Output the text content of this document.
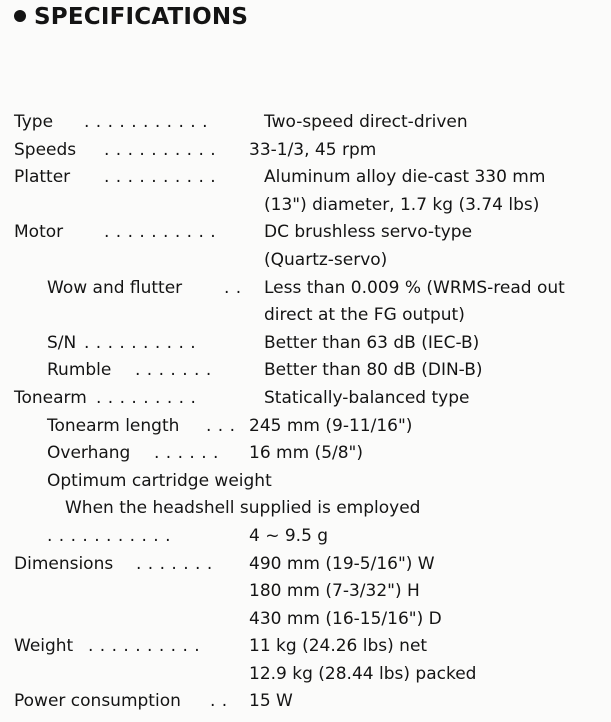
SPECIFICATIONS
Type . . . . . . . . . . .	Two-speed direct-driven
Speeds . . . . . . . . . . 33-1/3, 45 rpm
Platter . . . . . . . . . .	Aluminum alloy die-cast 330 mm
(13") diameter, 1.7 kg (3.74 lbs)
Motor . . . . . . . . . .	DC brushless servo-type
(Quartz-servo)
Wow and flutter . . Less than 0.009 % (WRMS-read out
direct at the FG output)
S/N . . . . . . . . . .	Better than 63 dB (IEC-B)
Rumble . . . . . . .	Better than 80 dB (DIN-B)
Tonearm . . . . . . . . .	Statically-balanced type
Tonearm length . . . 245 mm (9-11/16")
Overhang . . . . . . 16 mm (5/8")
Optimum cartridge weight
When the headshell supplied is employed
. . . . . . . . . . .	4 ~ 9.5 g
Dimensions . . . . . . . 490 mm (19-5/16") W
180 mm (7-3/32") H
430 mm (16-15/16") D
Weight . . . . . . . . . .	11 kg (24.26 lbs) net
12.9 kg (28.44 lbs) packed
Power consumption . . 15 W
